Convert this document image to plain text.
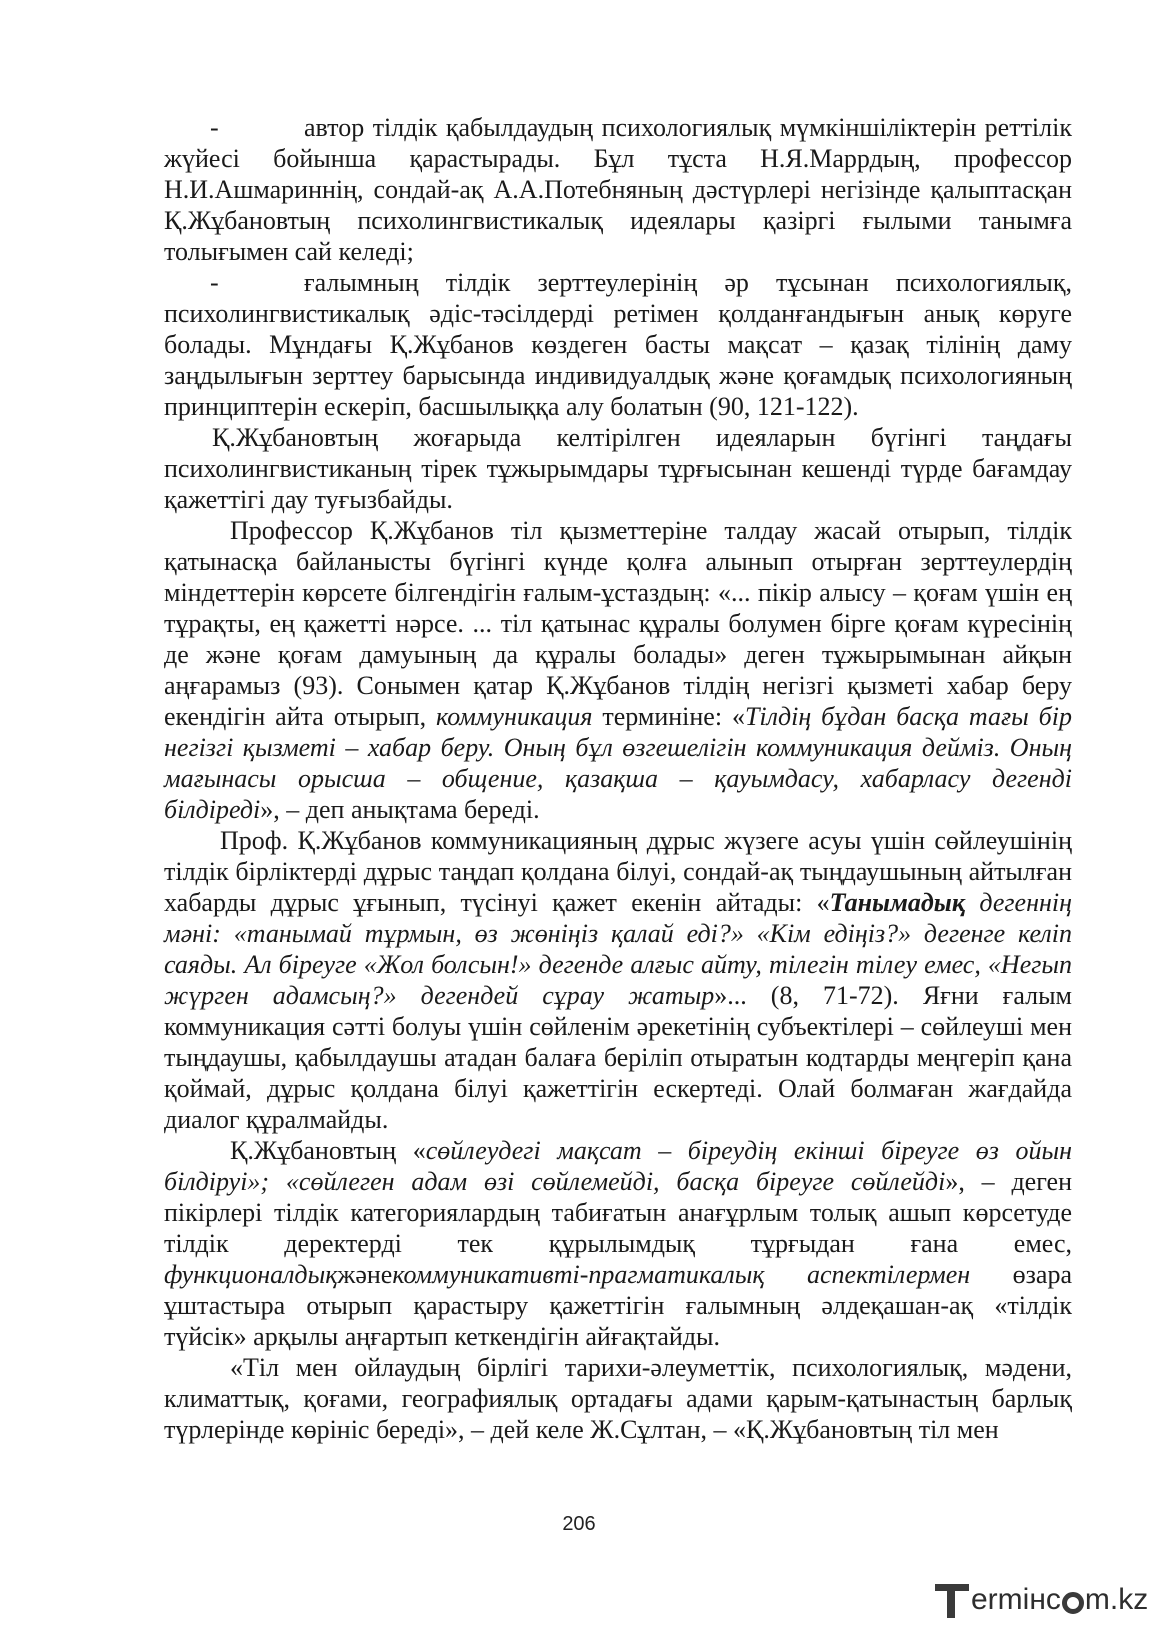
-	автор тілдік қабылдаудың психологиялық мүмкіншіліктерін реттілік жүйесі бойынша қарастырады. Бұл тұста Н.Я.Маррдың, профессор Н.И.Ашмариннің, сондай-ақ А.А.Потебняның дәстүрлері негізінде қалыптасқан Қ.Жұбановтың психолингвистикалық идеялары қазіргі ғылыми танымға толығымен сай келеді;

-	ғалымның тілдік зерттеулерінің әр тұсынан психологиялық, психолингвистикалық әдіс-тәсілдерді ретімен қолданғандығын анық көруге болады. Мұндағы Қ.Жұбанов көздеген басты мақсат – қазақ тілінің даму заңдылығын зерттеу барысында индивидуалдық және қоғамдық психологияның принциптерін ескеріп, басшылыққа алу болатын (90, 121-122).

Қ.Жұбановтың жоғарыда келтірілген идеяларын бүгінгі таңдағы психолингвистиканың тірек тұжырымдары тұрғысынан кешенді түрде бағамдау қажеттігі дау туғызбайды.

Профессор Қ.Жұбанов тіл қызметтеріне талдау жасай отырып, тілдік қатынасқа байланысты бүгінгі күнде қолға алынып отырған зерттеулердің міндеттерін көрсете білгендігін ғалым-ұстаздың: «... пікір алысу – қоғам үшін ең тұрақты, ең қажетті нәрсе. ... тіл қатынас құралы болумен бірге қоғам күресінің де және қоғам дамуының да құралы болады» деген тұжырымынан айқын аңғарамыз (93). Сонымен қатар Қ.Жұбанов тілдің негізгі қызметі хабар беру екендігін айта отырып, коммуникация терминіне: «Тілдің бұдан басқа тағы бір негізгі қызметі – хабар беру. Оның бұл өзгешелігін коммуникация дейміз. Оның мағынасы орысша – общение, қазақша – қауымдасу, хабарласу дегенді білдіреді», – деп анықтама береді.

Проф. Қ.Жұбанов коммуникацияның дұрыс жүзеге асуы үшін сөйлеушінің тілдік бірліктерді дұрыс таңдап қолдана білуі, сондай-ақ тыңдаушының айтылған хабарды дұрыс ұғынып, түсінуі қажет екенін айтады: «Танымадық дегеннің мәні: «танымай тұрмын, өз жөніңіз қалай еді?» «Кім едіңіз?» дегенге келіп саяды. Ал біреуге «Жол болсын!» дегенде алғыс айту, тілегін тілеу емес, «Негып жүрген адамсың?» дегендей сұрау жатыр»... (8, 71-72). Яғни ғалым коммуникация сәтті болуы үшін сөйленім әрекетінің субъектілері – сөйлеуші мен тыңдаушы, қабылдаушы атадан балаға беріліп отыратын кодтарды меңгеріп қана қоймай, дұрыс қолдана білуі қажеттігін ескертеді. Олай болмаған жағдайда диалог құралмайды.

Қ.Жұбановтың «сөйлеудегі мақсат – біреудің екінші біреуге өз ойын білдіруі»; «сөйлеген адам өзі сөйлемейді, басқа біреуге сөйлейді», – деген пікірлері тілдік категориялардың табиғатын анағұрлым толық ашып көрсетуде тілдік деректерді тек құрылымдық тұрғыдан ғана емес, функционалдықжәнекоммуникативті-прагматикалық аспектілермен өзара ұштастыра отырып қарастыру қажеттігін ғалымның әлдеқашан-ақ «тілдік түйсік» арқылы аңғартып кеткендігін айғақтайды.

«Тіл мен ойлаудың бірлігі тарихи-әлеуметтік, психологиялық, мәдени, климаттық, қоғами, географиялық ортадағы адами қарым-қатынастың барлық түрлерінде көрініс береді», – дей келе Ж.Сұлтан, – «Қ.Жұбановтың тіл мен

206
ermінc m.kz
